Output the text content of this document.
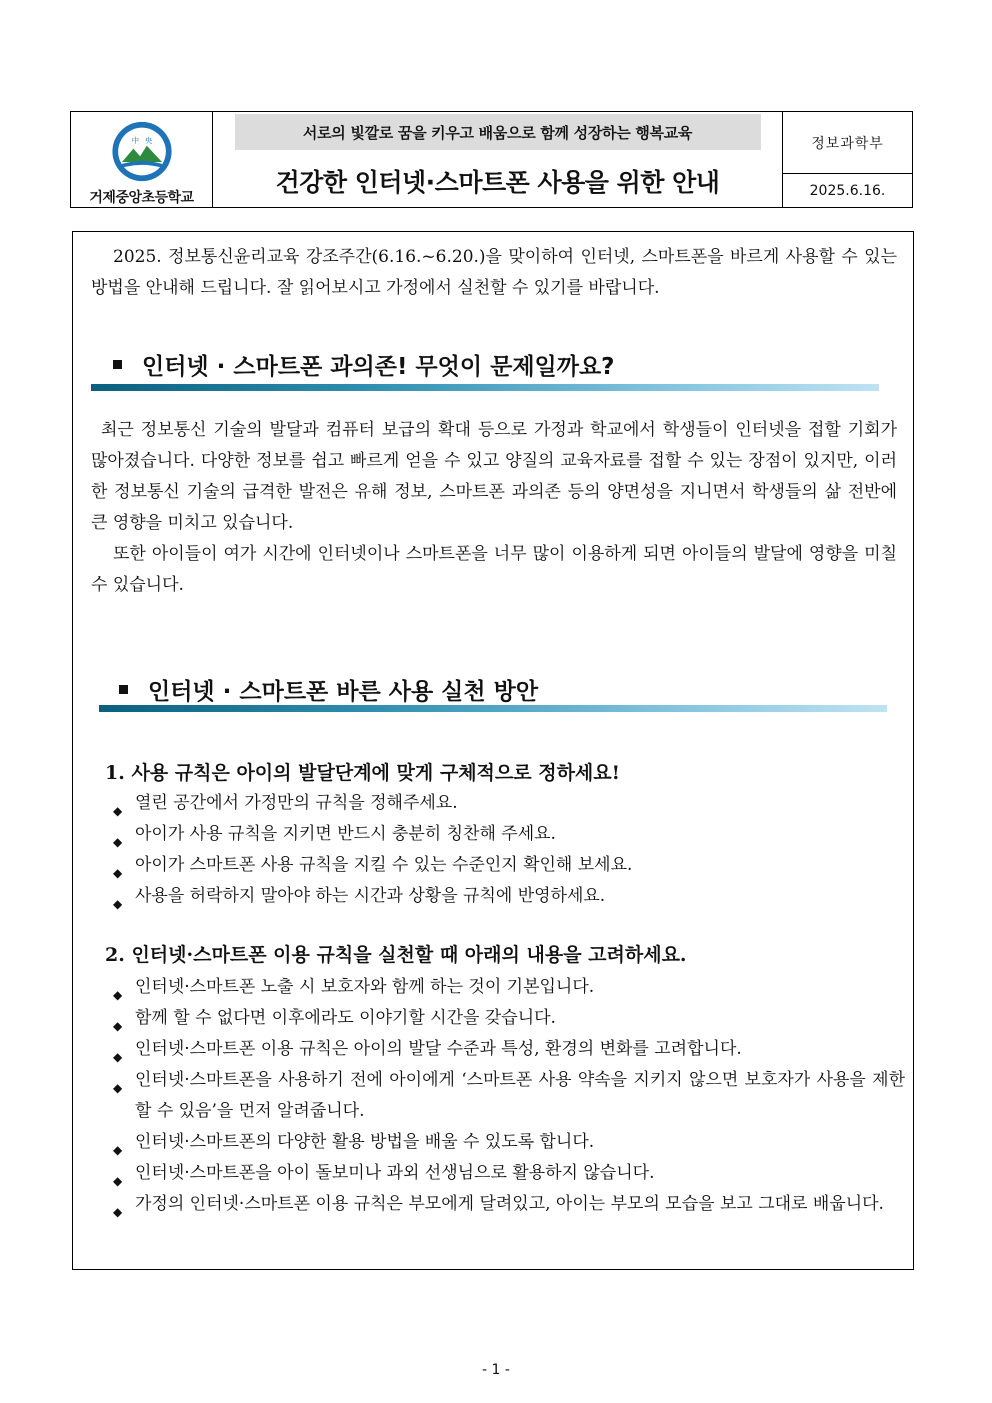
中 央
거제중앙초등학교
서로의 빛깔로 꿈을 키우고 배움으로 함께 성장하는 행복교육
건강한 인터넷·스마트폰 사용을 위한 안내
정보과학부
2025.6.16.

2025. 정보통신윤리교육 강조주간(6.16.~6.20.)을 맞이하여 인터넷, 스마트폰을 바르게 사용할 수 있는 방법을 안내해 드립니다. 잘 읽어보시고 가정에서 실천할 수 있기를 바랍니다.

인터넷 · 스마트폰 과의존! 무엇이 문제일까요?

최근 정보통신 기술의 발달과 컴퓨터 보급의 확대 등으로 가정과 학교에서 학생들이 인터넷을 접할 기회가 많아졌습니다. 다양한 정보를 쉽고 빠르게 얻을 수 있고 양질의 교육자료를 접할 수 있는 장점이 있지만, 이러한 정보통신 기술의 급격한 발전은 유해 정보, 스마트폰 과의존 등의 양면성을 지니면서 학생들의 삶 전반에 큰 영향을 미치고 있습니다.

또한 아이들이 여가 시간에 인터넷이나 스마트폰을 너무 많이 이용하게 되면 아이들의 발달에 영향을 미칠 수 있습니다.

인터넷 · 스마트폰 바른 사용 실천 방안
1. 사용 규칙은 아이의 발달단계에 맞게 구체적으로 정하세요!
◆ 열린 공간에서 가정만의 규칙을 정해주세요.
◆ 아이가 사용 규칙을 지키면 반드시 충분히 칭찬해 주세요.
◆ 아이가 스마트폰 사용 규칙을 지킬 수 있는 수준인지 확인해 보세요.
◆ 사용을 허락하지 말아야 하는 시간과 상황을 규칙에 반영하세요.
2. 인터넷·스마트폰 이용 규칙을 실천할 때 아래의 내용을 고려하세요.
◆ 인터넷·스마트폰 노출 시 보호자와 함께 하는 것이 기본입니다.
◆ 함께 할 수 없다면 이후에라도 이야기할 시간을 갖습니다.
◆ 인터넷·스마트폰 이용 규칙은 아이의 발달 수준과 특성, 환경의 변화를 고려합니다.
◆ 인터넷·스마트폰을 사용하기 전에 아이에게 ‘스마트폰 사용 약속을 지키지 않으면 보호자가 사용을 제한할 수 있음’을 먼저 알려줍니다.
◆ 인터넷·스마트폰의 다양한 활용 방법을 배울 수 있도록 합니다.
◆ 인터넷·스마트폰을 아이 돌보미나 과외 선생님으로 활용하지 않습니다.
◆ 가정의 인터넷·스마트폰 이용 규칙은 부모에게 달려있고, 아이는 부모의 모습을 보고 그대로 배웁니다.
- 1 -
